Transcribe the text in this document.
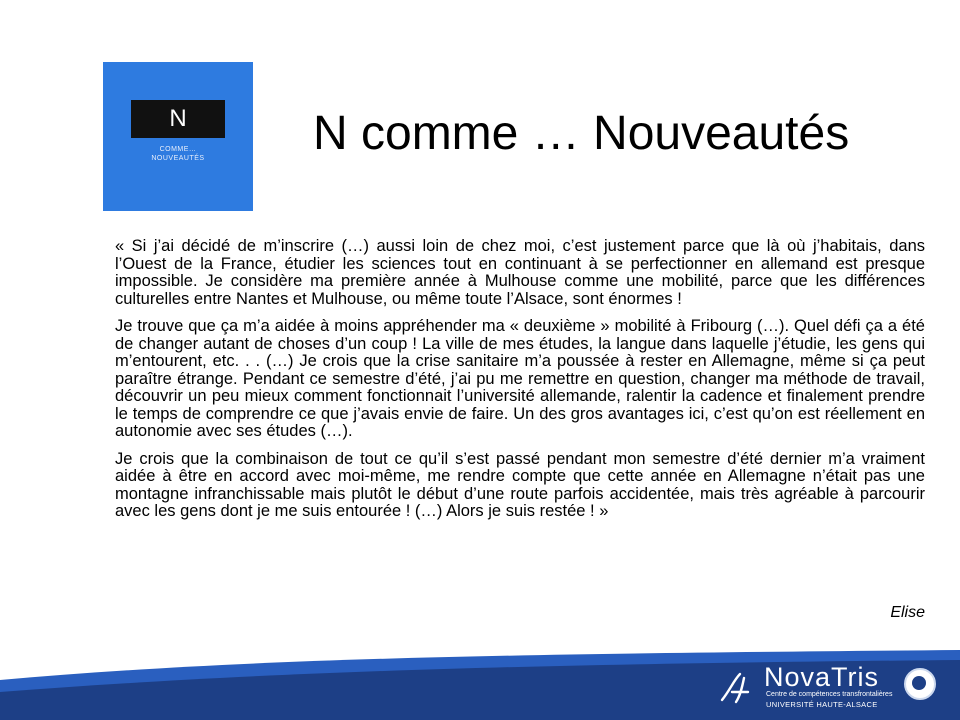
N
COMME…
NOUVEAUTÉS	N comme … Nouveautés

« Si j’ai décidé de m’inscrire (…) aussi loin de chez moi, c’est justement parce que là où j’habitais, dans l’Ouest de la France, étudier les sciences tout en continuant à se perfectionner en allemand est presque impossible. Je considère ma première année à Mulhouse comme une mobilité, parce que les différences culturelles entre Nantes et Mulhouse, ou même toute l’Alsace, sont énormes !

Je trouve que ça m’a aidée à moins appréhender ma « deuxième » mobilité à Fribourg (…). Quel défi ça a été de changer autant de choses d’un coup ! La ville de mes études, la langue dans laquelle j’étudie, les gens qui m’entourent, etc. . . (…) Je crois que la crise sanitaire m’a poussée à rester en Allemagne, même si ça peut paraître étrange. Pendant ce semestre d’été, j’ai pu me remettre en question, changer ma méthode de travail, découvrir un peu mieux comment fonctionnait l’université allemande, ralentir la cadence et finalement prendre le temps de comprendre ce que j’avais envie de faire. Un des gros avantages ici, c’est qu’on est réellement en autonomie avec ses études (…).

Je crois que la combinaison de tout ce qu’il s’est passé pendant mon semestre d’été dernier m’a vraiment aidée à être en accord avec moi-même, me rendre compte que cette année en Allemagne n’était pas une montagne infranchissable mais plutôt le début d’une route parfois accidentée, mais très agréable à parcourir avec les gens dont je me suis entourée ! (…) Alors je suis restée ! »

Elise
NovaTris
Centre de compétences transfrontalières
UNIVERSITÉ HAUTE-ALSACE
